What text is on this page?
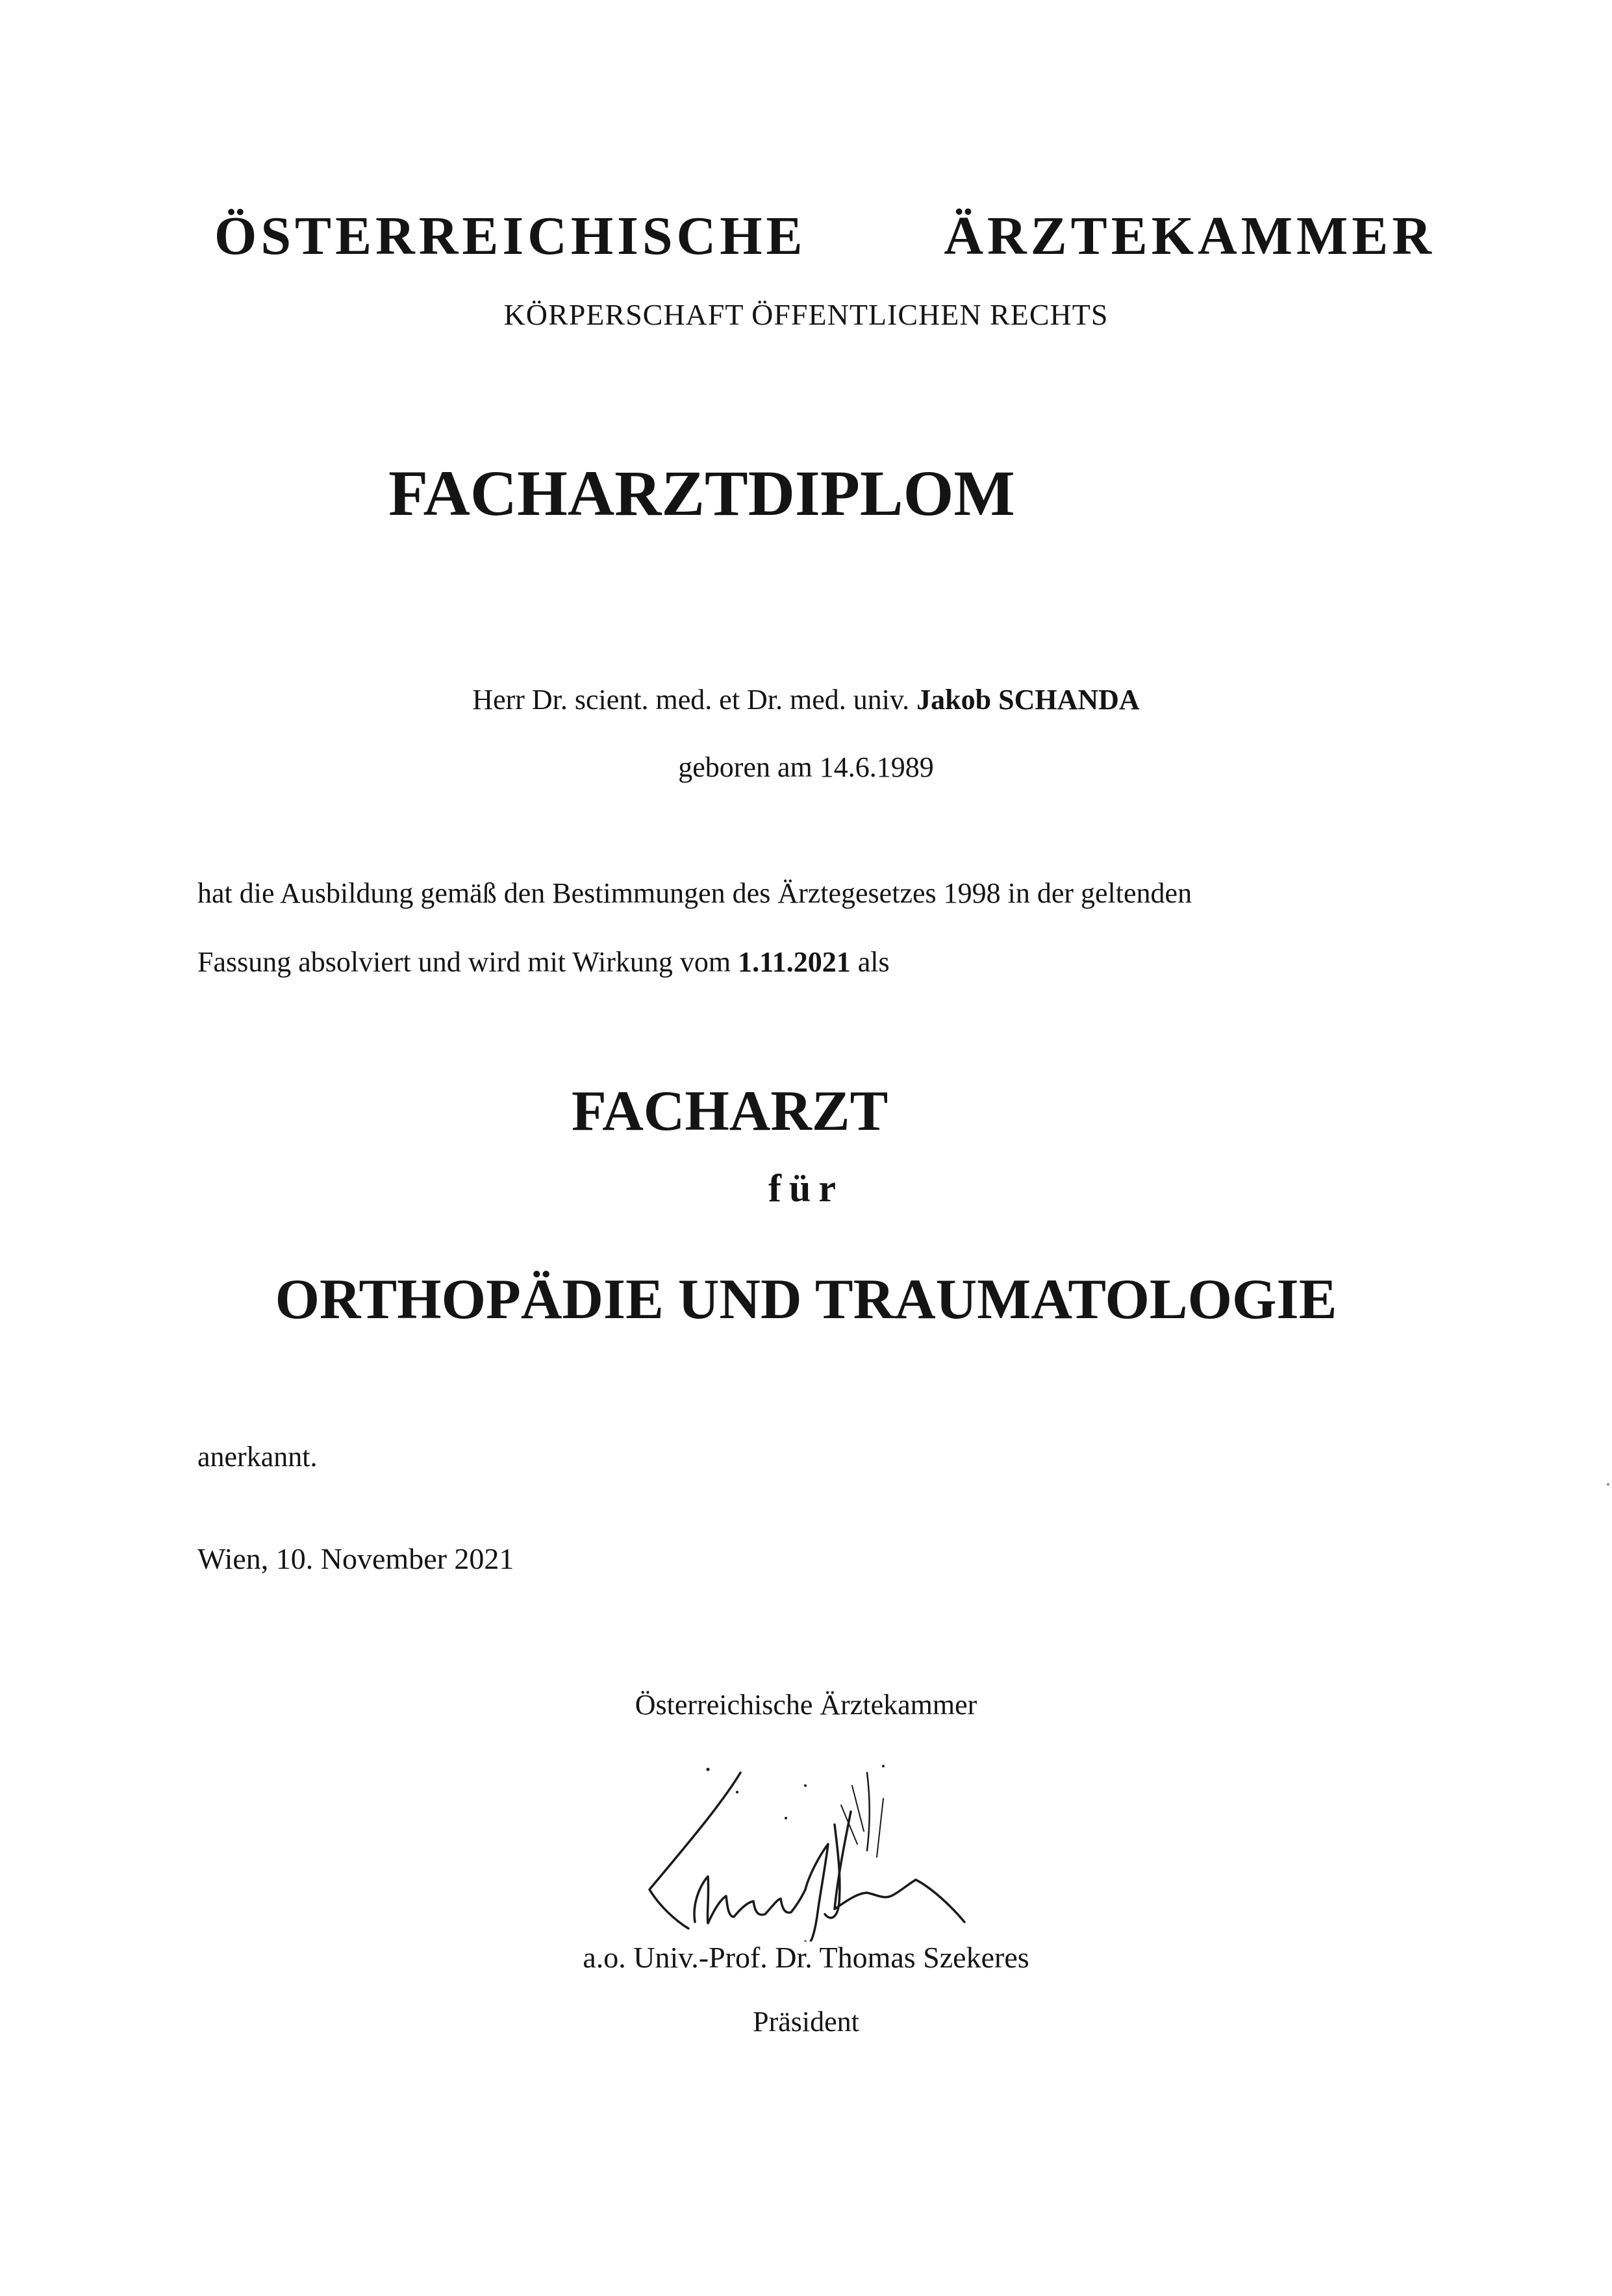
ÖSTERREICHISCHE ÄRZTEKAMMER
KÖRPERSCHAFT ÖFFENTLICHEN RECHTS
FACHARZTDIPLOM
Herr Dr. scient. med. et Dr. med. univ. Jakob SCHANDA
geboren am 14.6.1989
hat die Ausbildung gemäß den Bestimmungen des Ärztegesetzes 1998 in der geltenden
Fassung absolviert und wird mit Wirkung vom 1.11.2021 als
FACHARZT
für
ORTHOPÄDIE UND TRAUMATOLOGIE
anerkannt.
Wien, 10. November 2021
Österreichische Ärztekammer
a.o. Univ.-Prof. Dr. Thomas Szekeres
Präsident
